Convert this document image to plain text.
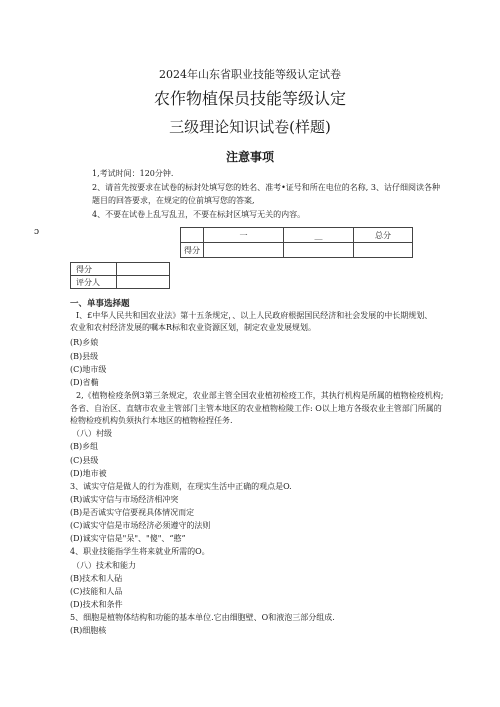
2024年山东省职业技能等级认定试卷
农作物植保员技能等级认定
三级理论知识试卷(样题)
注意事项
1,考试时间：120分钟.
2、请首先按要求在试卷的标封处填写您的姓名、准考•证号和所在电位的名称, 3、诂仔细阅读各种
题目的回答要求，在规定的位前填写您的答案,
4、不要在试卷上乱写乱丑，不要在标封区填写无关的内容。
ɔ
		一	__	总分
得分			
得分	
评分人	
一、单事选择题
I、£中华人民共和国农业法》第十五条规定，、以上人民政府根据国民经济和社会发展的中长期规划、
农业和农村经济发展的嘱本R标和农业资源区划，制定农业发展规划。
(R)乡娘
(B)县级
(C)地市级
(D)省椭
2,《植物检疫条例3第三条规定，农业部主管全国农业植初检疫工作，其执行机构是所属的植物检疫机构;
各省、自治区、直辖市农业主管部门主管本地区的农业植物检陵工作: O以上地方各级农业主管部门所属的
检物检疫机构负须执行本地区的植物检捏任务.
（八）村级
(B)乡组
(C)县级
(D)地市被
3、诚实守信是做人的行为准则，在现实生活中正确的观点是O.
(R)诚实守信与市场经济相冲突
(B)是否诚实守信要视具体情况而定
(C)诚实守信是市场经济必须遵守的法则
(D)诚实守信是"呆"、"傻"、“憨”
4、职业技能指学生将来就业所需的O。
（八）技术和能力
(B)技术和人砧
(C)技能和人品
(D)技术和条件
5、细胞是植物体结构和功能的基本单位.它由细胞壁、O和液泡三部分组成.
(R)细胞核
